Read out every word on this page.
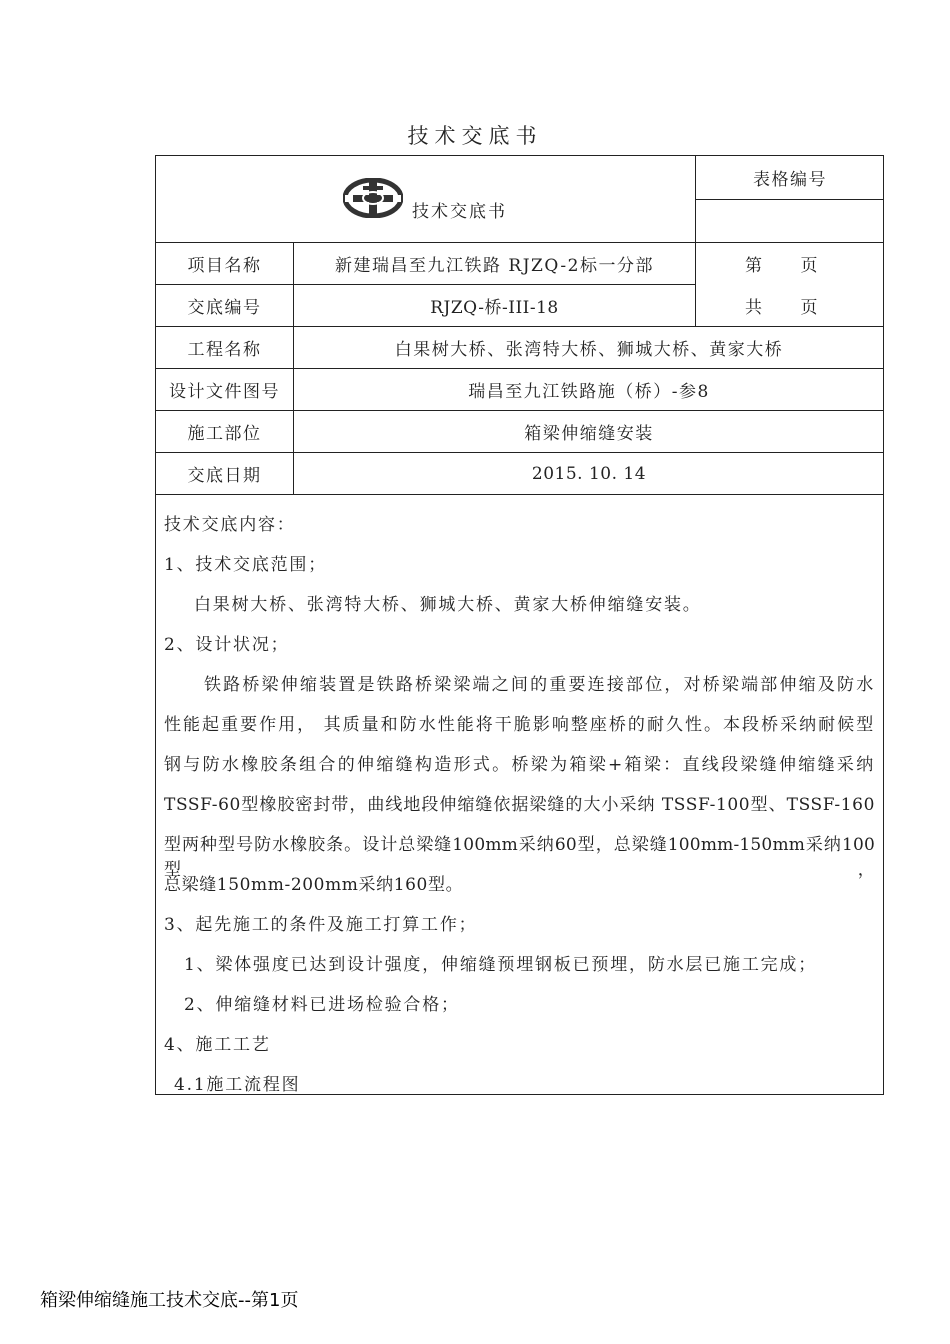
技术交底书
技术交底书
表格编号
项目名称	新建瑞昌至九江铁路 RJZQ-2标一分部	第　　页
交底编号	RJZQ-桥-III-18	共　　页
工程名称	白果树大桥、张湾特大桥、狮城大桥、黄家大桥
设计文件图号	瑞昌至九江铁路施（桥）-参8
施工部位	箱梁伸缩缝安装
交底日期	2015. 10. 14
技术交底内容：
1、技术交底范围；
白果树大桥、张湾特大桥、狮城大桥、黄家大桥伸缩缝安装。
2、设计状况；
铁路桥梁伸缩装置是铁路桥梁梁端之间的重要连接部位，对桥梁端部伸缩及防水
性能起重要作用， 其质量和防水性能将干脆影响整座桥的耐久性。本段桥采纳耐候型
钢与防水橡胶条组合的伸缩缝构造形式。桥梁为箱梁+箱梁：直线段梁缝伸缩缝采纳
TSSF-60型橡胶密封带，曲线地段伸缩缝依据梁缝的大小采纳 TSSF-100型、TSSF-160
型两种型号防水橡胶条。设计总梁缝100mm采纳60型，总梁缝100mm-150mm采纳100型，
总梁缝150mm-200mm采纳160型。
3、起先施工的条件及施工打算工作；
1、梁体强度已达到设计强度，伸缩缝预埋钢板已预埋，防水层已施工完成；
2、伸缩缝材料已进场检验合格；
4、施工工艺
4.1施工流程图
箱梁伸缩缝施工技术交底--第1页
